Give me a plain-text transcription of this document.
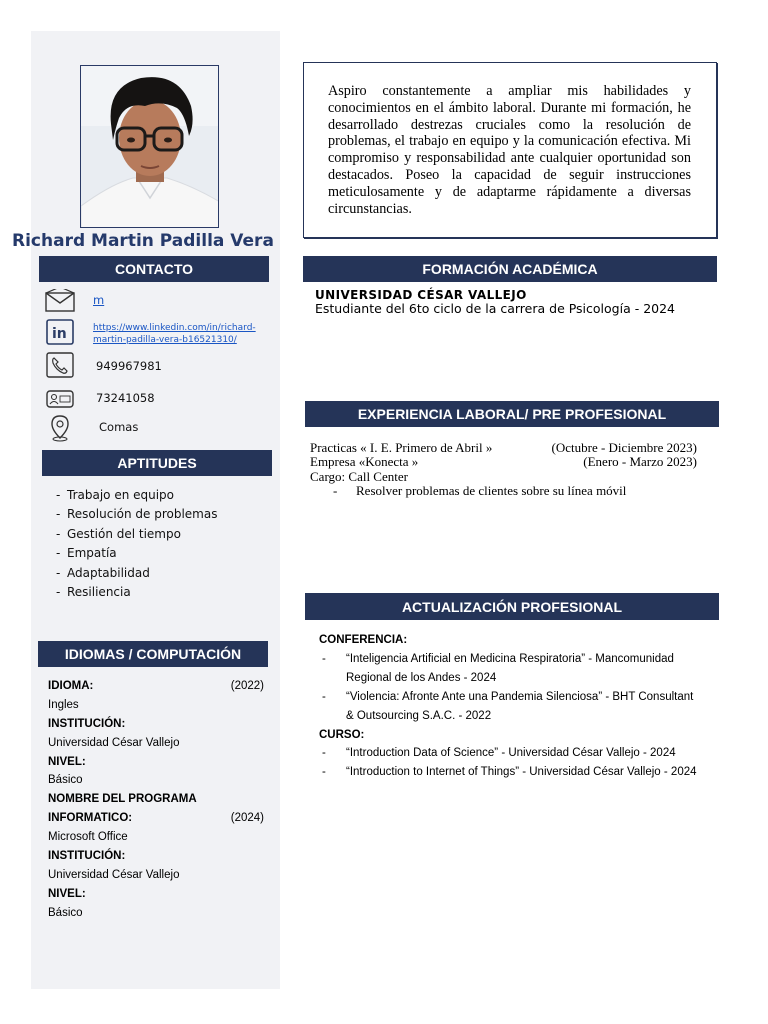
Richard Martin Padilla Vera
CONTACTO
m
in	https://www.linkedin.com/in/richard-
martin-padilla-vera-b16521310/
949967981
73241058
Comas
APTITUDES
- Trabajo en equipo
- Resolución de problemas
- Gestión del tiempo
- Empatía
- Adaptabilidad
- Resiliencia
IDIOMAS / COMPUTACIÓN
IDIOMA:	(2022)
Ingles
INSTITUCIÓN:
Universidad César Vallejo
NIVEL:
Básico
NOMBRE DEL PROGRAMA
INFORMATICO:	(2024)
Microsoft Office
INSTITUCIÓN:
Universidad César Vallejo
NIVEL:
Básico
Aspiro constantemente a ampliar mis habilidades y conocimientos en el ámbito laboral. Durante mi formación, he desarrollado destrezas cruciales como la resolución de problemas, el trabajo en equipo y la comunicación efectiva. Mi compromiso y responsabilidad ante cualquier oportunidad son destacados. Poseo la capacidad de seguir instrucciones meticulosamente y de adaptarme rápidamente a diversas circunstancias.
FORMACIÓN ACADÉMICA
UNIVERSIDAD CÉSAR VALLEJO
Estudiante del 6to ciclo de la carrera de Psicología - 2024
EXPERIENCIA LABORAL/ PRE PROFESIONAL
Practicas « I. E. Primero de Abril »	(Octubre - Diciembre 2023)
Empresa «Konecta »	(Enero - Marzo 2023)
Cargo: Call Center
- Resolver problemas de clientes sobre su línea móvil
ACTUALIZACIÓN PROFESIONAL
CONFERENCIA:
-	“Inteligencia Artificial en Medicina Respiratoria” - Mancomunidad
Regional de los Andes - 2024
-	“Violencia: Afronte Ante una Pandemia Silenciosa” - BHT Consultant
& Outsourcing S.A.C. - 2022
CURSO:
-	“Introduction Data of Science” - Universidad César Vallejo - 2024
-	“Introduction to Internet of Things” - Universidad César Vallejo - 2024
